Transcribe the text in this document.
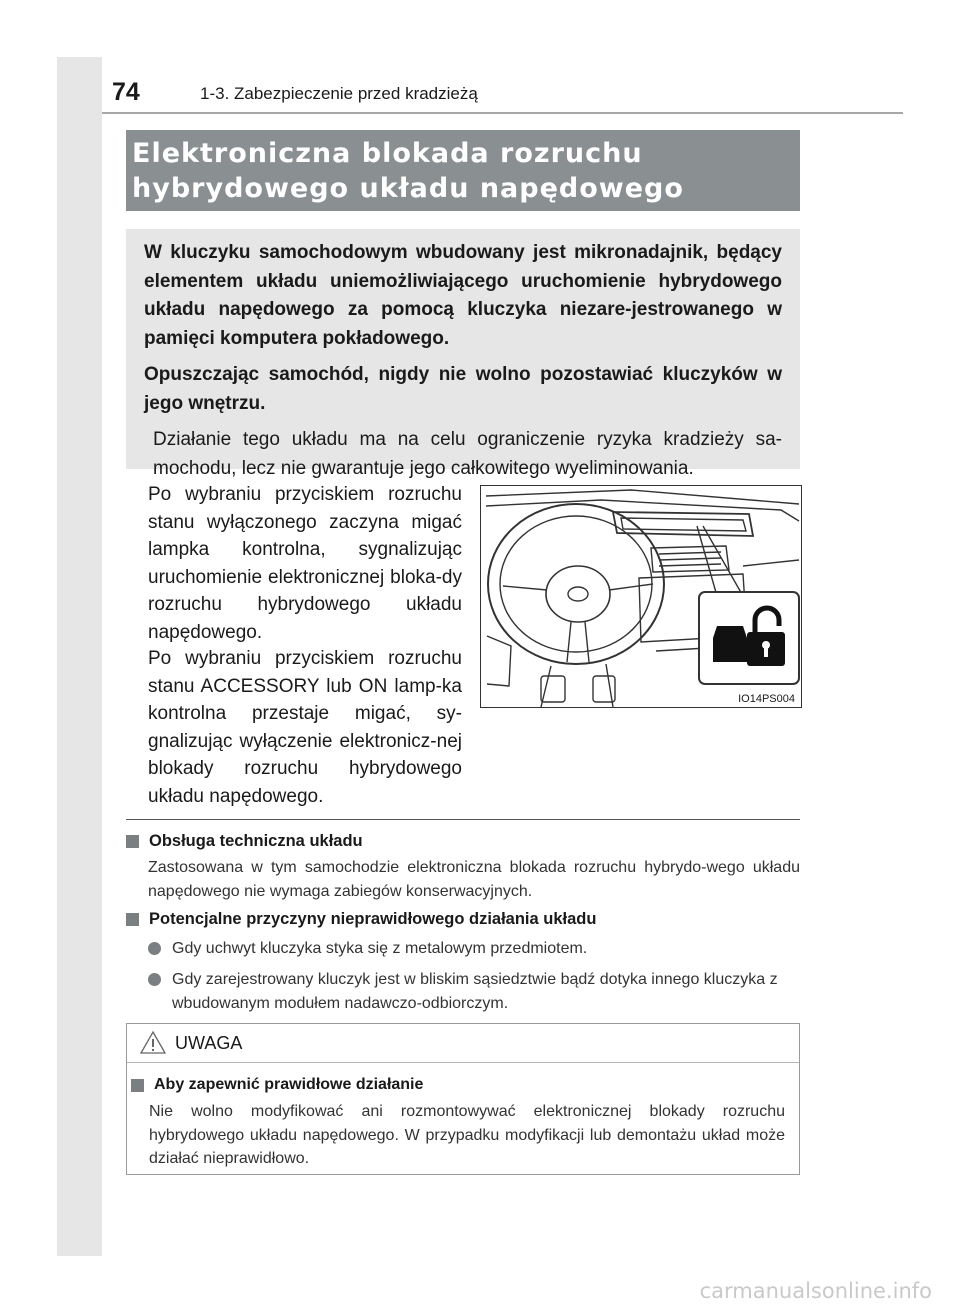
74	1-3. Zabezpieczenie przed kradzieżą
Elektroniczna blokada rozruchu
hybrydowego układu napędowego

W kluczyku samochodowym wbudowany jest mikronadajnik, będący elementem układu uniemożliwiającego uruchomienie hybrydowego układu napędowego za pomocą kluczyka niezare-jestrowanego w pamięci komputera pokładowego.

Opuszczając samochód, nigdy nie wolno pozostawiać kluczyków w jego wnętrzu.

Działanie tego układu ma na celu ograniczenie ryzyka kradzieży sa-mochodu, lecz nie gwarantuje jego całkowitego wyeliminowania.

Po wybraniu przyciskiem rozruchu stanu wyłączonego zaczyna migać lampka kontrolna, sygnalizując uruchomienie elektronicznej bloka-dy rozruchu hybrydowego układu napędowego.

Po wybraniu przyciskiem rozruchu stanu ACCESSORY lub ON lamp-ka kontrolna przestaje migać, sy-gnalizując wyłączenie elektronicz-nej blokady rozruchu hybrydowego układu napędowego.

IO14PS004
Obsługa techniczna układu

Zastosowana w tym samochodzie elektroniczna blokada rozruchu hybrydo-wego układu napędowego nie wymaga zabiegów konserwacyjnych.

Potencjalne przyczyny nieprawidłowego działania układu
Gdy uchwyt kluczyka styka się z metalowym przedmiotem.
Gdy zarejestrowany kluczyk jest w bliskim sąsiedztwie bądź dotyka innego kluczyka z wbudowanym modułem nadawczo-odbiorczym.
UWAGA
Aby zapewnić prawidłowe działanie

Nie wolno modyfikować ani rozmontowywać elektronicznej blokady rozruchu hybrydowego układu napędowego. W przypadku modyfikacji lub demontażu układ może działać nieprawidłowo.

carmanualsonline.info
